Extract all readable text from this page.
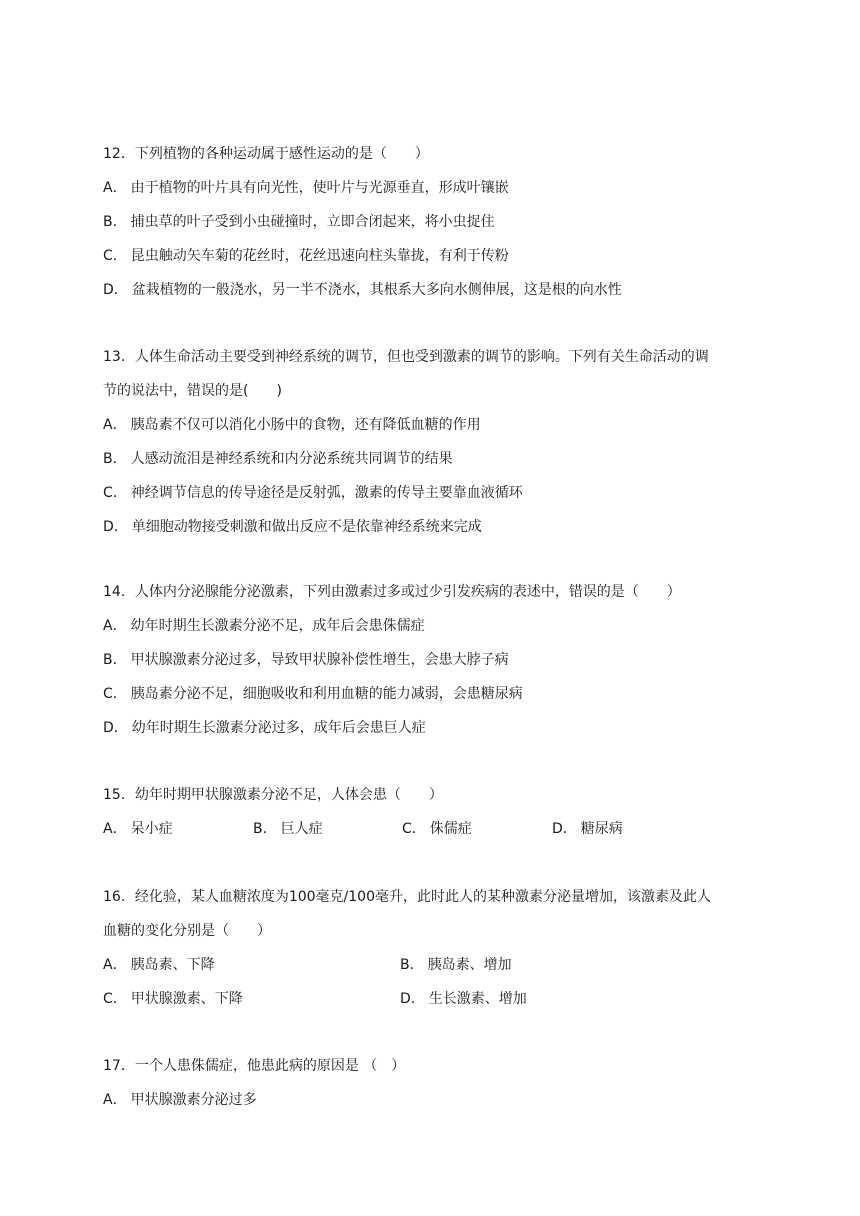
12．下列植物的各种运动属于感性运动的是（　　）

A． 由于植物的叶片具有向光性，使叶片与光源垂直，形成叶镶嵌

B． 捕虫草的叶子受到小虫碰撞时，立即合闭起来，将小虫捉住

C． 昆虫触动矢车菊的花丝时，花丝迅速向柱头靠拢，有利于传粉

D． 盆栽植物的一般浇水，另一半不浇水，其根系大多向水侧伸展，这是根的向水性

13．人体生命活动主要受到神经系统的调节，但也受到激素的调节的影响。下列有关生命活动的调

节的说法中，错误的是(　　)

A． 胰岛素不仅可以消化小肠中的食物，还有降低血糖的作用

B． 人感动流泪是神经系统和内分泌系统共同调节的结果

C． 神经调节信息的传导途径是反射弧，激素的传导主要靠血液循环

D． 单细胞动物接受刺激和做出反应不是依靠神经系统来完成

14．人体内分泌腺能分泌激素，下列由激素过多或过少引发疾病的表述中，错误的是（　　）

A． 幼年时期生长激素分泌不足，成年后会患侏儒症

B． 甲状腺激素分泌过多，导致甲状腺补偿性增生，会患大脖子病

C． 胰岛素分泌不足，细胞吸收和利用血糖的能力减弱，会患糖尿病

D． 幼年时期生长激素分泌过多，成年后会患巨人症

15．幼年时期甲状腺激素分泌不足，人体会患（　　）

A． 呆小症	B． 巨人症	C． 侏儒症	D． 糖尿病

16．经化验，某人血糖浓度为100毫克/100毫升，此时此人的某种激素分泌量增加，该激素及此人

血糖的变化分别是（　　）

A． 胰岛素、下降	B． 胰岛素、增加
C． 甲状腺激素、下降	D． 生长激素、增加

17．一个人患侏儒症，他患此病的原因是 （　）

A． 甲状腺激素分泌过多
